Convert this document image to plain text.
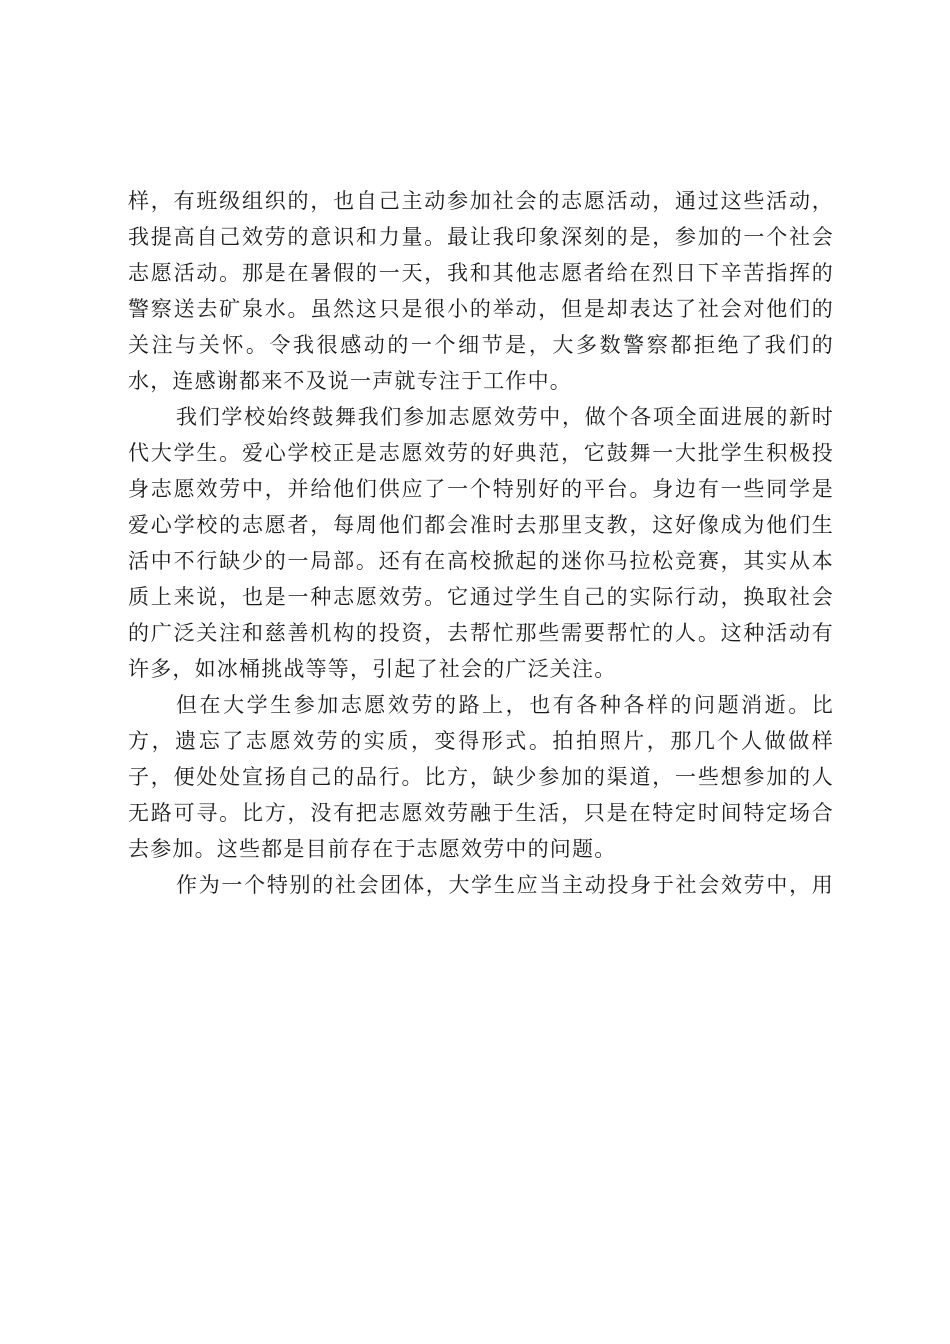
样，有班级组织的，也自己主动参加社会的志愿活动，通过这些活动，
我提高自己效劳的意识和力量。最让我印象深刻的是，参加的一个社会
志愿活动。那是在暑假的一天，我和其他志愿者给在烈日下辛苦指挥的
警察送去矿泉水。虽然这只是很小的举动，但是却表达了社会对他们的
关注与关怀。令我很感动的一个细节是，大多数警察都拒绝了我们的
水，连感谢都来不及说一声就专注于工作中。
我们学校始终鼓舞我们参加志愿效劳中，做个各项全面进展的新时
代大学生。爱心学校正是志愿效劳的好典范，它鼓舞一大批学生积极投
身志愿效劳中，并给他们供应了一个特别好的平台。身边有一些同学是
爱心学校的志愿者，每周他们都会准时去那里支教，这好像成为他们生
活中不行缺少的一局部。还有在高校掀起的迷你马拉松竞赛，其实从本
质上来说，也是一种志愿效劳。它通过学生自己的实际行动，换取社会
的广泛关注和慈善机构的投资，去帮忙那些需要帮忙的人。这种活动有
许多，如冰桶挑战等等，引起了社会的广泛关注。
但在大学生参加志愿效劳的路上，也有各种各样的问题消逝。比
方，遗忘了志愿效劳的实质，变得形式。拍拍照片，那几个人做做样
子，便处处宣扬自己的品行。比方，缺少参加的渠道，一些想参加的人
无路可寻。比方，没有把志愿效劳融于生活，只是在特定时间特定场合
去参加。这些都是目前存在于志愿效劳中的问题。
作为一个特别的社会团体，大学生应当主动投身于社会效劳中，用
